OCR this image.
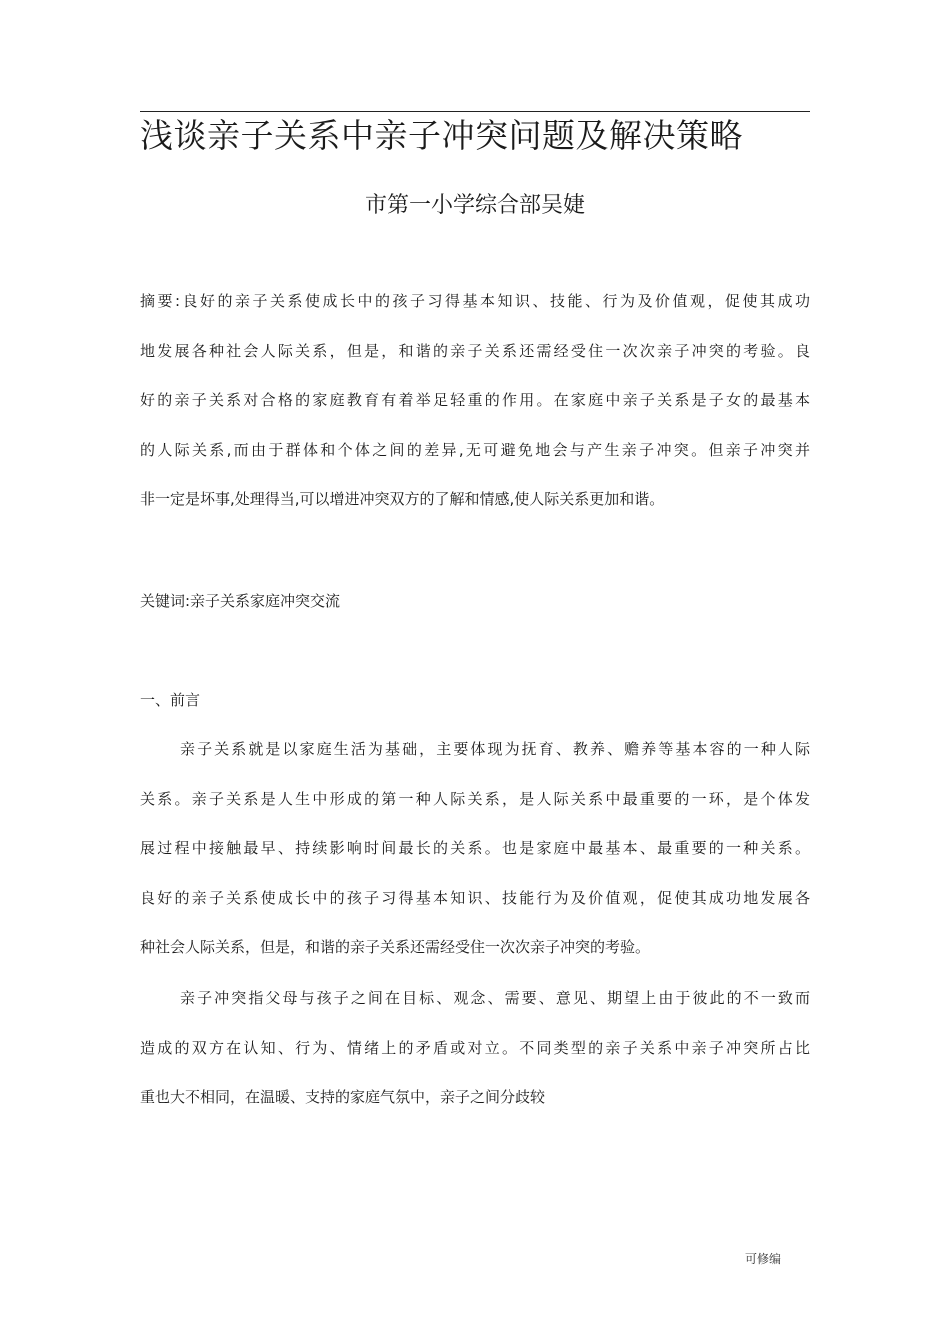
浅谈亲子关系中亲子冲突问题及解决策略
市第一小学综合部吴婕
摘要:良好的亲子关系使成长中的孩子习得基本知识、技能、行为及价值观，促使其成功
地发展各种社会人际关系，但是，和谐的亲子关系还需经受住一次次亲子冲突的考验。良
好的亲子关系对合格的家庭教育有着举足轻重的作用。在家庭中亲子关系是子女的最基本
的人际关系,而由于群体和个体之间的差异,无可避免地会与产生亲子冲突。但亲子冲突并
非一定是坏事,处理得当,可以增进冲突双方的了解和情感,使人际关系更加和谐。
关键词:亲子关系家庭冲突交流
一、前言
亲子关系就是以家庭生活为基础，主要体现为抚育、教养、赡养等基本容的一种人际
关系。亲子关系是人生中形成的第一种人际关系，是人际关系中最重要的一环，是个体发
展过程中接触最早、持续影响时间最长的关系。也是家庭中最基本、最重要的一种关系。
良好的亲子关系使成长中的孩子习得基本知识、技能行为及价值观，促使其成功地发展各
种社会人际关系，但是，和谐的亲子关系还需经受住一次次亲子冲突的考验。
亲子冲突指父母与孩子之间在目标、观念、需要、意见、期望上由于彼此的不一致而
造成的双方在认知、行为、情绪上的矛盾或对立。不同类型的亲子关系中亲子冲突所占比
重也大不相同，在温暖、支持的家庭气氛中，亲子之间分歧较
可修编
